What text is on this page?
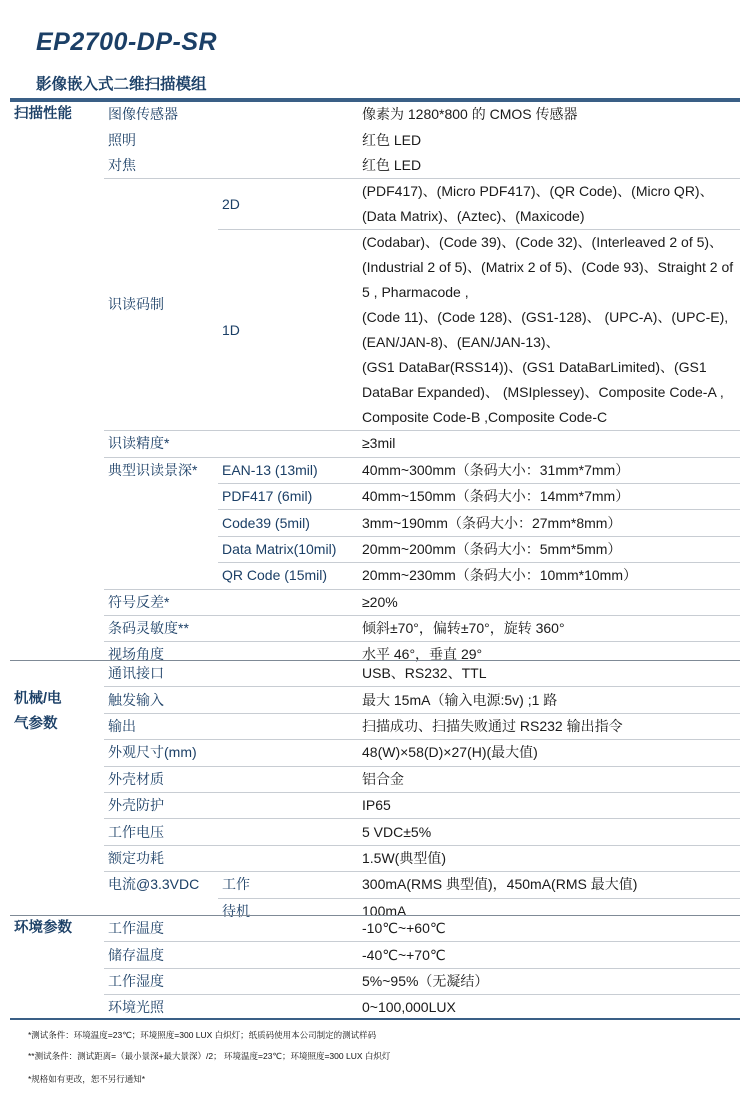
EP2700-DP-SR
影像嵌入式二维扫描模组
扫描性能	图像传感器		像素为 1280*800 的 CMOS 传感器
	照明		红色 LED
	对焦		红色 LED
	识读码制	2D	(PDF417)、(Micro PDF417)、(QR Code)、(Micro QR)、(Data Matrix)、(Aztec)、(Maxicode)
		1D	(Codabar)、(Code 39)、(Code 32)、(Interleaved 2 of 5)、(Industrial 2 of 5)、(Matrix 2 of 5)、(Code 93)、Straight 2 of 5 , Pharmacode ,
(Code 11)、(Code 128)、(GS1-128)、 (UPC-A)、(UPC-E),
(EAN/JAN-8)、(EAN/JAN-13)、
(GS1 DataBar(RSS14))、(GS1 DataBarLimited)、(GS1 DataBar Expanded)、 (MSIplessey)、Composite Code-A , Composite Code-B ,Composite Code-C
	识读精度*		≥3mil
	典型识读景深*	EAN-13 (13mil)	40mm~300mm（条码大小：31mm*7mm）
		PDF417 (6mil)	40mm~150mm（条码大小：14mm*7mm）
		Code39 (5mil)	3mm~190mm（条码大小：27mm*8mm）
		Data Matrix(10mil)	20mm~200mm（条码大小：5mm*5mm）
		QR Code (15mil)	20mm~230mm（条码大小：10mm*10mm）
	符号反差*		≥20%
	条码灵敏度**		倾斜±70°，偏转±70°，旋转 360°
	视场角度		水平 46°，垂直 29°
机械/电
气参数	通讯接口		USB、RS232、TTL
	触发输入		最大 15mA（输入电源:5v) ;1 路
	输出		扫描成功、扫描失败通过 RS232 输出指令
	外观尺寸(mm)		48(W)×58(D)×27(H)(最大值)
	外壳材质		铝合金
	外壳防护		IP65
	工作电压		5 VDC±5%
	额定功耗		1.5W(典型值)
	电流@3.3VDC	工作	300mA(RMS 典型值)，450mA(RMS 最大值)
		待机	100mA
环境参数	工作温度	-10℃~+60℃
	储存温度	-40℃~+70℃
	工作湿度	5%~95%（无凝结）
	环境光照	0~100,000LUX
*测试条件：环境温度=23℃；环境照度=300 LUX 白炽灯；纸质码使用本公司制定的测试样码
**测试条件：测试距离=（最小景深+最大景深）/2； 环境温度=23℃；环境照度=300 LUX 白炽灯
*规格如有更改，恕不另行通知*
